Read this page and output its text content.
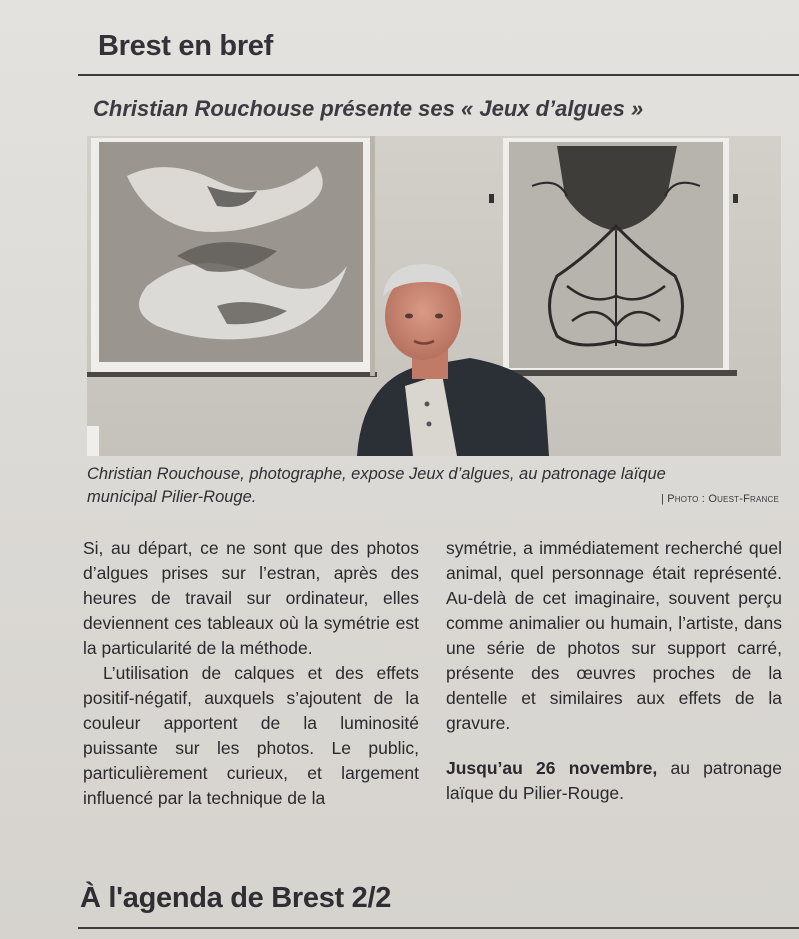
Brest en bref
Christian Rouchouse présente ses « Jeux d’algues »

Christian Rouchouse, photographe, expose Jeux d’algues, au patronage laïque
municipal Pilier-Rouge.	| Photo : Ouest-France

Si, au départ, ce ne sont que des photos d’algues prises sur l’estran, après des heures de travail sur ordinateur, elles deviennent ces tableaux où la symétrie est la particularité de la méthode.

L’utilisation de calques et des effets positif-négatif, auxquels s’ajoutent de la couleur apportent de la luminosité puissante sur les photos. Le public, particulièrement curieux, et largement influencé par la technique de la

symétrie, a immédiatement recherché quel animal, quel personnage était représenté. Au-delà de cet imaginaire, souvent perçu comme animalier ou humain, l’artiste, dans une série de photos sur support carré, présente des œuvres proches de la dentelle et similaires aux effets de la gravure.

Jusqu’au 26 novembre, au patronage laïque du Pilier-Rouge.

À l'agenda de Brest 2/2
